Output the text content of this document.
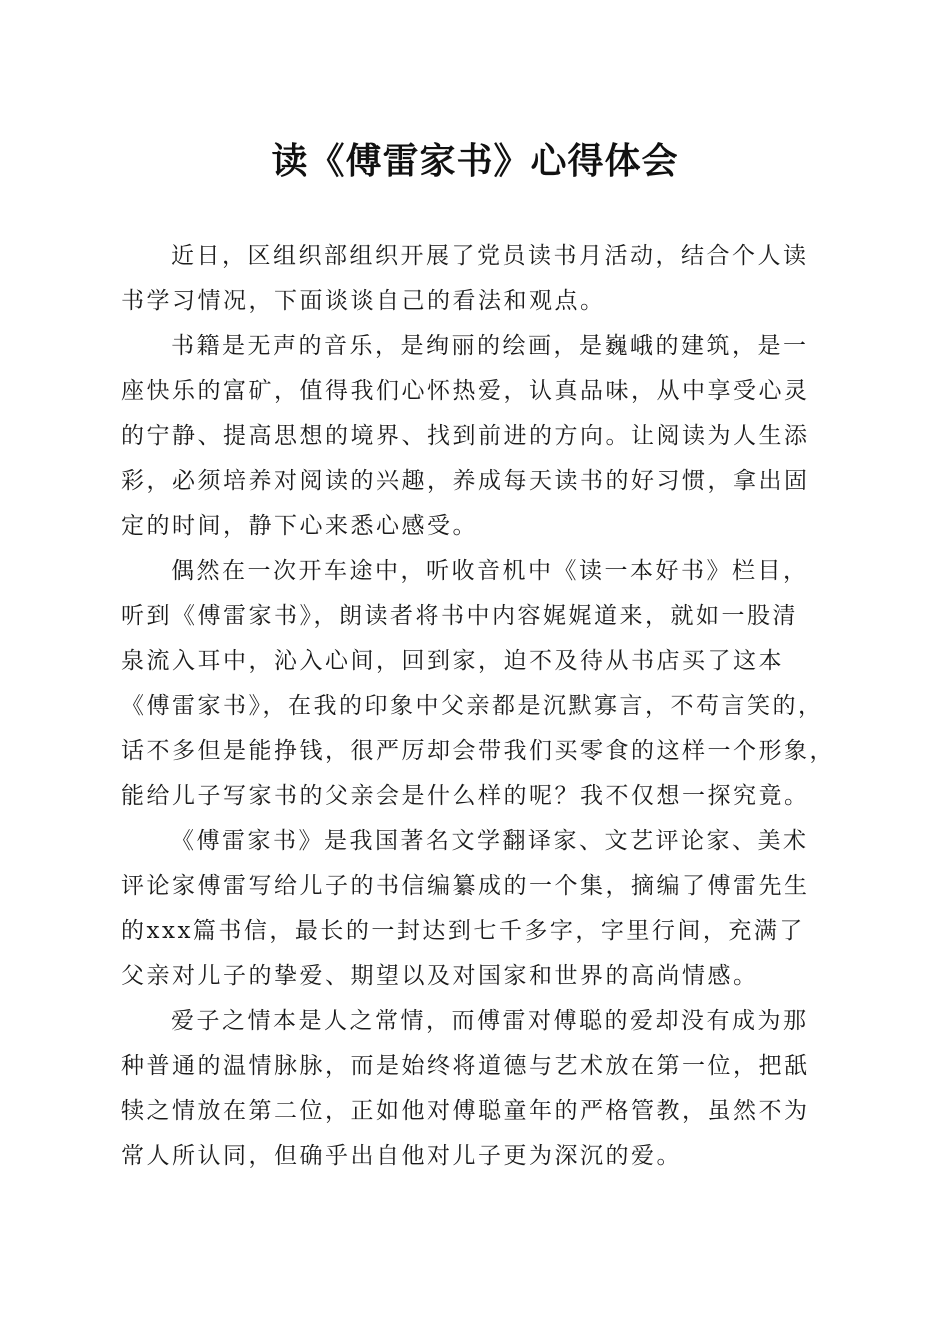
读《傅雷家书》心得体会
近日，区组织部组织开展了党员读书月活动，结合个人读
书学习情况，下面谈谈自己的看法和观点。
书籍是无声的音乐，是绚丽的绘画，是巍峨的建筑，是一
座快乐的富矿，值得我们心怀热爱，认真品味，从中享受心灵
的宁静、提高思想的境界、找到前进的方向。让阅读为人生添
彩，必须培养对阅读的兴趣，养成每天读书的好习惯，拿出固
定的时间，静下心来悉心感受。
偶然在一次开车途中，听收音机中《读一本好书》栏目，
听到《傅雷家书》，朗读者将书中内容娓娓道来，就如一股清
泉流入耳中，沁入心间，回到家，迫不及待从书店买了这本
《傅雷家书》，在我的印象中父亲都是沉默寡言，不苟言笑的，
话不多但是能挣钱，很严厉却会带我们买零食的这样一个形象，
能给儿子写家书的父亲会是什么样的呢？我不仅想一探究竟。
《傅雷家书》是我国著名文学翻译家、文艺评论家、美术
评论家傅雷写给儿子的书信编纂成的一个集，摘编了傅雷先生
的xxx篇书信，最长的一封达到七千多字，字里行间，充满了
父亲对儿子的挚爱、期望以及对国家和世界的高尚情感。
爱子之情本是人之常情，而傅雷对傅聪的爱却没有成为那
种普通的温情脉脉，而是始终将道德与艺术放在第一位，把舐
犊之情放在第二位，正如他对傅聪童年的严格管教，虽然不为
常人所认同，但确乎出自他对儿子更为深沉的爱。
